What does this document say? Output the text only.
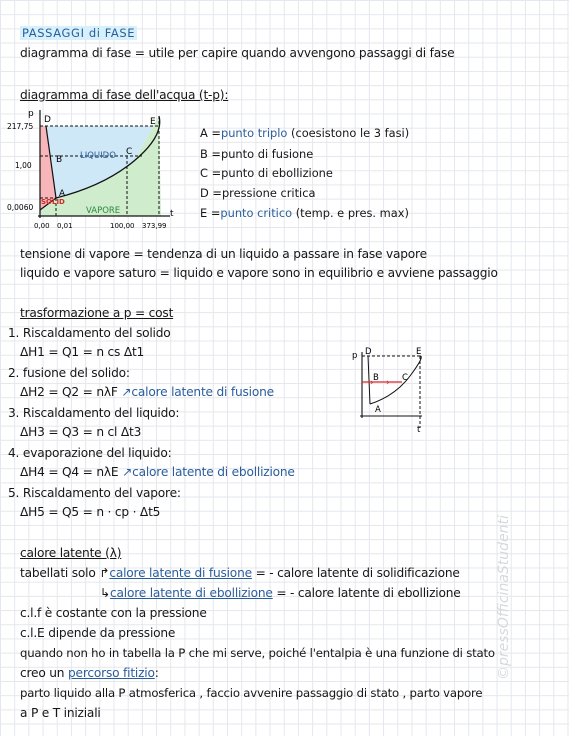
PASSAGGI di FASE
diagramma di fase = utile per capire quando avvengono passaggi di fase
diagramma di fase dell'acqua (t-p):
p
t
217,75
1,00
0,0060
0,00 0,01	100,00 373,99
A
B
C
D	E
LIQUIDO
VAPORE
SOLID
A =punto triplo (coesistono le 3 fasi)
B =punto di fusione
C =punto di ebollizione
D =pressione critica
E =punto critico (temp. e pres. max)
tensione di vapore = tendenza di un liquido a passare in fase vapore
liquido e vapore saturo = liquido e vapore sono in equilibrio e avviene passaggio
trasformazione a p = cost
1. Riscaldamento del solido
ΔH1 = Q1 = n cs Δt1
2. fusione del solido:
ΔH2 = Q2 = nλF ↗calore latente di fusione
3. Riscaldamento del liquido:
ΔH3 = Q3 = n cl Δt3
4. evaporazione del liquido:
ΔH4 = Q4 = nλE ↗calore latente di ebollizione
5. Riscaldamento del vapore:
ΔH5 = Q5 = n · cp · Δt5
› ›
D	E
B	C
A
p
t
calore latente (λ)
tabellati solo ↱calore latente di fusione = - calore latente di solidificazione
↳calore latente di ebollizione = - calore latente di ebollizione
c.l.f è costante con la pressione
c.l.E dipende da pressione
quando non ho in tabella la P che mi serve, poiché l'entalpia è una funzione di stato
creo un percorso fitizio:
parto liquido alla P atmosferica , faccio avvenire passaggio di stato , parto vapore
a P e T iniziali
©pressOfficinaStudenti
